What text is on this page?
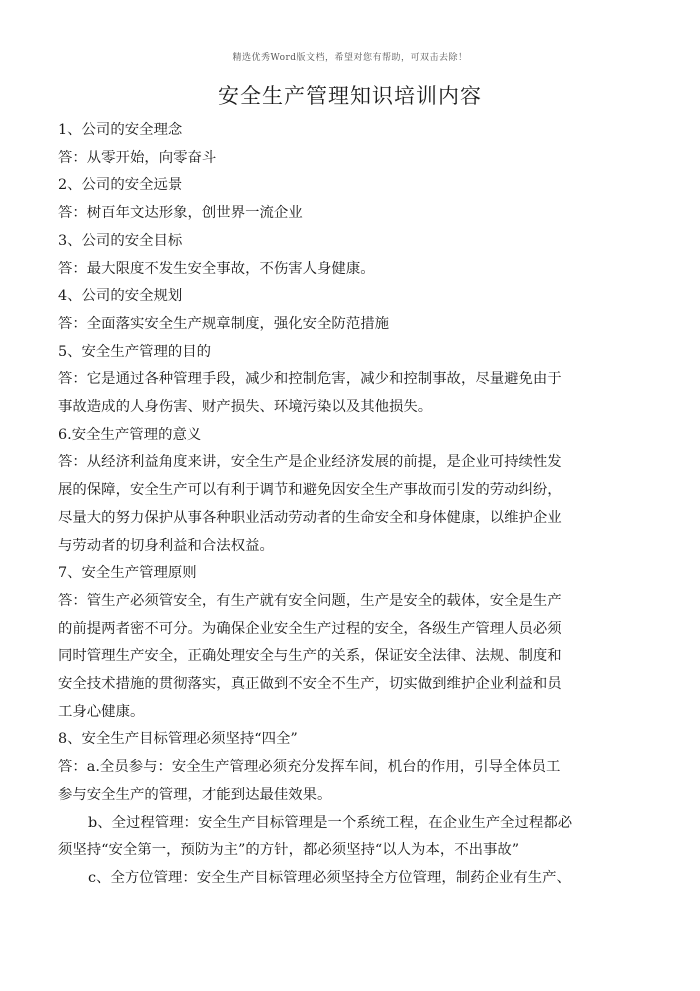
精选优秀Word版文档，希望对您有帮助，可双击去除！
安全生产管理知识培训内容
1、公司的安全理念
答：从零开始，向零奋斗
2、公司的安全远景
答：树百年文达形象，创世界一流企业
3、公司的安全目标
答：最大限度不发生安全事故，不伤害人身健康。
4、公司的安全规划
答：全面落实安全生产规章制度，强化安全防范措施
5、安全生产管理的目的
答：它是通过各种管理手段，减少和控制危害，减少和控制事故，尽量避免由于
事故造成的人身伤害、财产损失、环境污染以及其他损失。
6.安全生产管理的意义
答：从经济利益角度来讲，安全生产是企业经济发展的前提，是企业可持续性发
展的保障，安全生产可以有利于调节和避免因安全生产事故而引发的劳动纠纷，
尽量大的努力保护从事各种职业活动劳动者的生命安全和身体健康，以维护企业
与劳动者的切身利益和合法权益。
7、安全生产管理原则
答：管生产必须管安全，有生产就有安全问题，生产是安全的载体，安全是生产
的前提两者密不可分。为确保企业安全生产过程的安全，各级生产管理人员必须
同时管理生产安全，正确处理安全与生产的关系，保证安全法律、法规、制度和
安全技术措施的贯彻落实，真正做到不安全不生产，切实做到维护企业利益和员
工身心健康。
8、安全生产目标管理必须坚持“四全”
答：a.全员参与：安全生产管理必须充分发挥车间，机台的作用，引导全体员工
参与安全生产的管理，才能到达最佳效果。
b、全过程管理：安全生产目标管理是一个系统工程，在企业生产全过程都必
须坚持“安全第一，预防为主”的方针，都必须坚持“以人为本，不出事故”
c、全方位管理：安全生产目标管理必须坚持全方位管理，制药企业有生产、
